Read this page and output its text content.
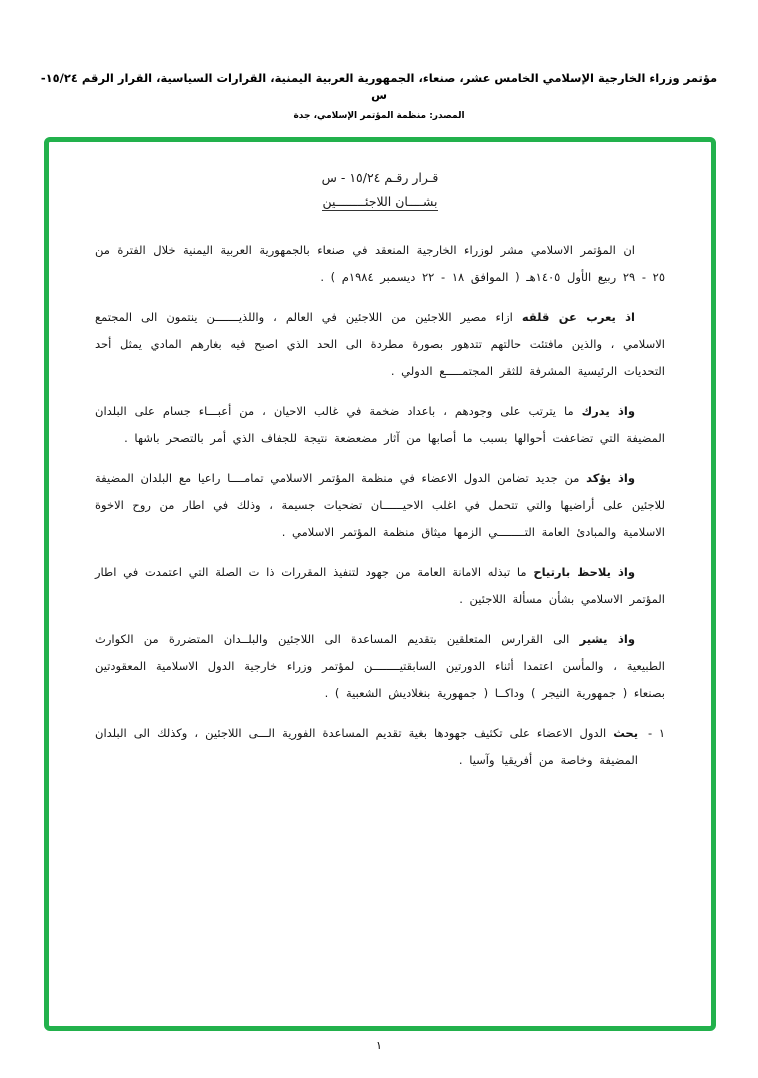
مؤتمر وزراء الخارجية الإسلامي الخامس عشر، صنعاء، الجمهورية العربية اليمنية، القرارات السياسية، القرار الرقم ١٥/٢٤-س
المصدر: منظمة المؤتمر الإسلامي، جدة
قـرار رقـم ١٥/٢٤ - س
بشــــان اللاجئــــــــين

ان المؤتمر الاسلامي مشر لوزراء الخارجية المنعقد في صنعاء بالجمهورية العربية اليمنية خلال الفترة من ٢٥ - ٢٩ ربيع الأول ١٤٠٥هـ ( الموافق ١٨ - ٢٢ ديسمبر ١٩٨٤م ) .

اذ يعرب عن قلقه ازاء مصير اللاجئين من اللاجئين في العالم ، واللذيـــــــن ينتمون الى المجتمع الاسلامي ، والذين مافتئت حالتهم تتدهور بصورة مطردة الى الحد الذي اصبح فيه بغارهم المادي يمثل أحد التحديات الرئيسية المشرفة للثقر المجتمـــــع الدولي .

واذ يدرك ما يترتب على وجودهم ، باعداد ضخمة في غالب الاحيان ، من أعبـــاء جسام على البلدان المضيفة التي تضاعفت أحوالها بسبب ما أصابها من آثار مضعضعة نتيجة للجفاف الذي أمر بالتصحر باشها .

واذ يؤكد من جديد تضامن الدول الاعضاء في منظمة المؤتمر الاسلامي تمامــــا راعيا مع البلدان المضيفة للاجئين على أراضيها والتي تتحمل في اغلب الاحيــــــان تضحيات جسيمة ، وذلك في اطار من روح الاخوة الاسلامية والمبادئ العامة التــــــــي الزمها ميثاق منظمة المؤتمر الاسلامي .

واذ يلاحظ بارتياح ما تبذله الامانة العامة من جهود لتنفيذ المقررات ذا ت الصلة التي اعتمدت في اطار المؤتمر الاسلامي بشأن مسألة اللاجئين .

واذ يشير الى القرارس المتعلقين بتقديم المساعدة الى اللاجئين والبلــدان المتضررة من الكوارث الطبيعية ، والمأسن اعتمدا أثناء الدورتين السابقتيــــــــن لمؤتمر وزراء خارجية الدول الاسلامية المعقودتين بصنعاء ( جمهورية النيجر ) وداكــا ( جمهورية بنغلاديش الشعبية ) .

١ -
يحث الدول الاعضاء على تكثيف جهودها بغية تقديم المساعدة الفورية الـــى اللاجئين ، وكذلك الى البلدان المضيفة وخاصة من أفريقيا وآسيا .
١
